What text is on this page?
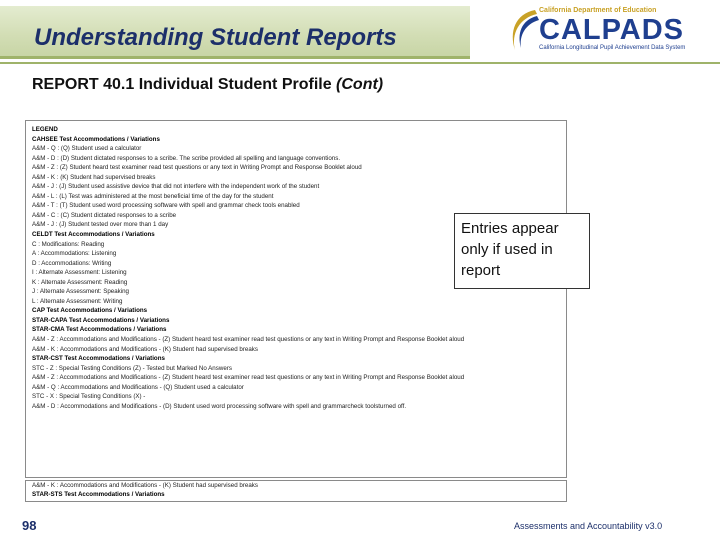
Understanding Student Reports
California Department of Education
CALPADS
California Longitudinal Pupil Achievement Data System
REPORT 40.1 Individual Student Profile (Cont)
LEGEND
CAHSEE Test Accommodations / Variations
A&M - Q : (Q) Student used a calculator
A&M - D : (D) Student dictated responses to a scribe. The scribe provided all spelling and language conventions.
A&M - Z : (Z) Student heard test examiner read test questions or any text in Writing Prompt and Response Booklet aloud
A&M - K : (K) Student had supervised breaks
A&M - J : (J) Student used assistive device that did not interfere with the independent work of the student
A&M - L : (L) Test was administered at the most beneficial time of the day for the student
A&M - T : (T) Student used word processing software with spell and grammar check tools enabled
A&M - C : (C) Student dictated responses to a scribe
A&M - J : (J) Student tested over more than 1 day
CELDT Test Accommodations / Variations
C : Modifications: Reading
A : Accommodations: Listening
D : Accommodations: Writing
I : Alternate Assessment: Listening
K : Alternate Assessment: Reading
J : Alternate Assessment: Speaking
L : Alternate Assessment: Writing
CAP Test Accommodations / Variations
STAR-CAPA Test Accommodations / Variations
STAR-CMA Test Accommodations / Variations
A&M - Z : Accommodations and Modifications - (Z) Student heard test examiner read test questions or any text in Writing Prompt and Response Booklet aloud
A&M - K : Accommodations and Modifications - (K) Student had supervised breaks
STAR-CST Test Accommodations / Variations
STC - Z : Special Testing Conditions (Z) - Tested but Marked No Answers
A&M - Z : Accommodations and Modifications - (Z) Student heard test examiner read test questions or any text in Writing Prompt and Response Booklet aloud
A&M - Q : Accommodations and Modifications - (Q) Student used a calculator
STC - X : Special Testing Conditions (X) -
A&M - D : Accommodations and Modifications - (D) Student used word processing software with spell and grammarcheck toolsturned off.
A&M - K : Accommodations and Modifications - (K) Student had supervised breaks
STAR-STS Test Accommodations / Variations
Entries appear only if used in report
98	Assessments and Accountability v3.0
